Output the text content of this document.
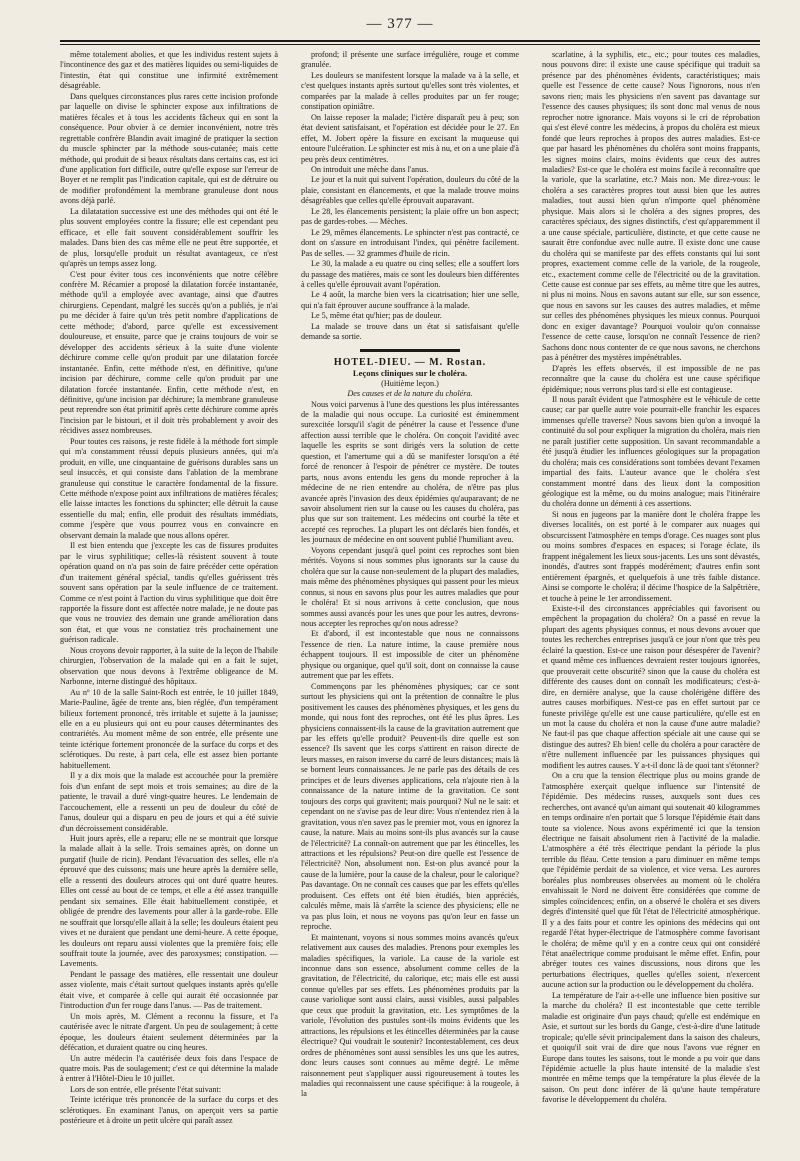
— 377 —

même totalement abolies, et que les individus restent sujets à l'incontinence des gaz et des matières liquides ou semi-liquides de l'intestin, état qui constitue une infirmité extrêmement désagréable.

Dans quelques circonstances plus rares cette incision profonde par laquelle on divise le sphincter expose aux infiltrations de matières fécales et à tous les accidents fâcheux qui en sont la conséquence. Pour obvier à ce dernier inconvénient, notre très regrettable confrère Blandin avait imaginé de pratiquer la section du muscle sphincter par la méthode sous-cutanée; mais cette méthode, qui produit de si beaux résultats dans certains cas, est ici d'une application fort difficile, outre qu'elle expose sur l'erreur de Boyer et ne remplit pas l'indication capitale, qui est de détruire ou de modifier profondément la membrane granuleuse dont nous avons déjà parlé.

La dilatatation successive est une des méthodes qui ont été le plus souvent employées contre la fissure; elle est cependant peu efficace, et elle fait souvent considérablement souffrir les malades. Dans bien des cas même elle ne peut être supportée, et de plus, lorsqu'elle produit un résultat avantageux, ce n'est qu'après un temps assez long.

C'est pour éviter tous ces inconvénients que notre célèbre confrère M. Récamier a proposé la dilatation forcée instantanée, méthode qu'il a employée avec avantage, ainsi que d'autres chirurgiens. Cependant, malgré les succès qu'on a publiés, je n'ai pu me décider à faire qu'un très petit nombre d'applications de cette méthode; d'abord, parce qu'elle est excessivement douloureuse, et ensuite, parce que je crains toujours de voir se développer des accidents sérieux à la suite d'une violente déchirure comme celle qu'on produit par une dilatation forcée instantanée. Enfin, cette méthode n'est, en définitive, qu'une incision par déchirure, comme celle qu'on produit par une dilatation forcée instantanée. Enfin, cette méthode n'est, en définitive, qu'une incision par déchirure; la membrane granuleuse peut reprendre son état primitif après cette déchirure comme après l'incision par le bistouri, et il doit très probablement y avoir des récidives assez nombreuses.

Pour toutes ces raisons, je reste fidèle à la méthode fort simple qui m'a constamment réussi depuis plusieurs années, qui m'a produit, en ville, une cinquantaine de guérisons durables sans un seul insuccès, et qui consiste dans l'ablation de la membrane granuleuse qui constitue le caractère fondamental de la fissure. Cette méthode n'expose point aux infiltrations de matières fécales; elle laisse intactes les fonctions du sphincter; elle détruit la cause essentielle du mal; enfin, elle produit des résultats immédiats, comme j'espère que vous pourrez vous en convaincre en observant demain la malade que nous allons opérer.

Il est bien entendu que j'excepte les cas de fissures produites par le virus syphilitique; celles-là résistent souvent à toute opération quand on n'a pas soin de faire précéder cette opération d'un traitement général spécial, tandis qu'elles guérissent très souvent sans opération par la seule influence de ce traitement. Comme ce n'est point à l'action du virus syphilitique que doit être rapportée la fissure dont est affectée notre malade, je ne doute pas que vous ne trouviez des demain une grande amélioration dans son état, et que vous ne constatiez très prochainement une guérison radicale.

Nous croyons devoir rapporter, à la suite de la leçon de l'habile chirurgien, l'observation de la malade qui en a fait le sujet, observation que nous devons à l'extrême obligeance de M. Narbonne, interne distingué des hôpitaux.

Au nº 10 de la salle Saint-Roch est entrée, le 10 juillet 1849, Marie-Pauline, âgée de trente ans, bien réglée, d'un tempérament bilieux fortement prononcé, très irritable et sujette à la jaunisse; elle en a eu plusieurs qui ont eu pour causes déterminantes des contrariétés. Au moment même de son entrée, elle présente une teinte ictérique fortement prononcée de la surface du corps et des sclérotiques. Du reste, à part cela, elle est assez bien portante habituellement.

Il y a dix mois que la malade est accouchée pour la première fois d'un enfant de sept mois et trois semaines; au dire de la patiente, le travail a duré vingt-quatre heures. Le lendemain de l'accouchement, elle a ressenti un peu de douleur du côté de l'anus, douleur qui a disparu en peu de jours et qui a été suivie d'un décroissement considérable.

Huit jours après, elle a reparu; elle ne se montrait que lorsque la malade allait à la selle. Trois semaines après, on donne un purgatif (huile de ricin). Pendant l'évacuation des selles, elle n'a éprouvé que des cuissons; mais une heure après la dernière selle, elle a ressenti des douleurs atroces qui ont duré quatre heures. Elles ont cessé au bout de ce temps, et elle a été assez tranquille pendant six semaines. Elle était habituellement constipée, et obligée de prendre des lavements pour aller à la garde-robe. Elle ne souffrait que lorsqu'elle allait à la selle; les douleurs étaient peu vives et ne duraient que pendant une demi-heure. A cette époque, les douleurs ont reparu aussi violentes que la première fois; elle souffrait toute la journée, avec des paroxysmes; constipation. — Lavements.

Pendant le passage des matières, elle ressentait une douleur assez violente, mais c'était surtout quelques instants après qu'elle était vive, et comparée à celle qui aurait été occasionnée par l'introduction d'un fer rouge dans l'anus. — Pas de traitement.

Un mois après, M. Clément a reconnu la fissure, et l'a cautérisée avec le nitrate d'argent. Un peu de soulagement; à cette époque, les douleurs étaient seulement déterminées par la défécation, et duraient quatre ou cinq heures.

Un autre médecin l'a cautérisée deux fois dans l'espace de quatre mois. Pas de soulagement; c'est ce qui détermine la malade à entrer à l'Hôtel-Dieu le 10 juillet.

Lors de son entrée, elle présente l'état suivant:

Teinte ictérique très prononcée de la surface du corps et des sclérotiques. En examinant l'anus, on aperçoit vers sa partie postérieure et à droite un petit ulcère qui paraît assez

profond; il présente une surface irrégulière, rouge et comme granulée.

Les douleurs se manifestent lorsque la malade va à la selle, et c'est quelques instants après surtout qu'elles sont très violentes, et comparées par la malade à celles produites par un fer rouge; constipation opiniâtre.

On laisse reposer la malade; l'ictère disparaît peu à peu; son état devient satisfaisant, et l'opération est décidée pour le 27. En effet, M. Jobert opère la fissure en excisant la muqueuse qui entoure l'ulcération. Le sphincter est mis à nu, et on a une plaie d'à peu près deux centimètres.

On introduit une mèche dans l'anus.

Le jour et la nuit qui suivent l'opération, douleurs du côté de la plaie, consistant en élancements, et que la malade trouve moins désagréables que celles qu'elle éprouvait auparavant.

Le 28, les élancements persistent; la plaie offre un bon aspect; pas de gardes-robes. — Mèches.

Le 29, mêmes élancements. Le sphincter n'est pas contracté, ce dont on s'assure en introduisant l'index, qui pénètre facilement. Pas de selles. — 32 grammes d'huile de ricin.

Le 30, la malade a eu quatre ou cinq selles; elle a souffert lors du passage des matières, mais ce sont les douleurs bien différentes à celles qu'elle éprouvait avant l'opération.

Le 4 août, la marche bien vers la cicatrisation; hier une selle, qui n'a fait éprouver aucune souffrance à la malade.

Le 5, même état qu'hier; pas de douleur.

La malade se trouve dans un état si satisfaisant qu'elle demande sa sortie.

HOTEL-DIEU. — M. Rostan.

Leçons cliniques sur le choléra.

(Huitième leçon.)

Des causes et de la nature du choléra.

Nous voici parvenus à l'une des questions les plus intéressantes de la maladie qui nous occupe. La curiosité est éminemment surexcitée lorsqu'il s'agit de pénétrer la cause et l'essence d'une affection aussi terrible que le choléra. On conçoit l'avidité avec laquelle les esprits se sont dirigés vers la solution de cette question, et l'amertume qui a dû se manifester lorsqu'on a été forcé de renoncer à l'espoir de pénétrer ce mystère. De toutes parts, nous avons entendu les gens du monde reprocher à la médecine de ne rien entendre au choléra, de n'être pas plus avancée après l'invasion des deux épidémies qu'auparavant; de ne savoir absolument rien sur la cause ou les causes du choléra, pas plus que sur son traitement. Les médecins ont courbé la tête et accepté ces reproches. La plupart les ont déclarés bien fondés, et les journaux de médecine en ont souvent publié l'humiliant aveu.

Voyons cependant jusqu'à quel point ces reproches sont bien mérités. Voyons si nous sommes plus ignorants sur la cause du choléra que sur la cause non-seulement de la plupart des maladies, mais même des phénomènes physiques qui passent pour les mieux connus, si nous en savons plus pour les autres maladies que pour le choléra! Et si nous arrivons à cette conclusion, que nous sommes aussi avancés pour les unes que pour les autres, devrons-nous accepter les reproches qu'on nous adresse?

Et d'abord, il est incontestable que nous ne connaissons l'essence de rien. La nature intime, la cause première nous échappent toujours. Il est impossible de citer un phénomène physique ou organique, quel qu'il soit, dont on connaisse la cause autrement que par les effets.

Commençons par les phénomènes physiques; car ce sont surtout les physiciens qui ont la prétention de connaître le plus positivement les causes des phénomènes physiques, et les gens du monde, qui nous font des reproches, ont été les plus âpres. Les physiciens connaissent-ils la cause de la gravitation autrement que par les effets qu'elle produit? Peuvent-ils dire quelle est son essence? Ils savent que les corps s'attirent en raison directe de leurs masses, en raison inverse du carré de leurs distances; mais là se bornent leurs connaissances. Je ne parle pas des détails de ces principes et de leurs diverses applications, cela n'ajoute rien à la connaissance de la nature intime de la gravitation. Ce sont toujours des corps qui gravitent; mais pourquoi? Nul ne le sait: et cependant on ne s'avise pas de leur dire: Vous n'entendez rien à la gravitation, vous n'en savez pas le premier mot, vous en ignorez la cause, la nature. Mais au moins sont-ils plus avancés sur la cause de l'électricité? La connaît-on autrement que par les étincelles, les attractions et les répulsions? Peut-on dire quelle est l'essence de l'électricité? Non, absolument non. Est-on plus avancé pour la cause de la lumière, pour la cause de la chaleur, pour le calorique? Pas davantage. On ne connaît ces causes que par les effets qu'elles produisent. Ces effets ont été bien étudiés, bien appréciés, calculés même, mais là s'arrête la science des physiciens; elle ne va pas plus loin, et nous ne voyons pas qu'on leur en fasse un reproche.

Et maintenant, voyons si nous sommes moins avancés qu'eux relativement aux causes des maladies. Prenons pour exemples les maladies spécifiques, la variole. La cause de la variole est inconnue dans son essence, absolument comme celles de la gravitation, de l'électricité, du calorique, etc; mais elle est aussi connue qu'elles par ses effets. Les phénomènes produits par la cause variolique sont aussi clairs, aussi visibles, aussi palpables que ceux que produit la gravitation, etc. Les symptômes de la variole, l'évolution des pustules sont-ils moins évidents que les attractions, les répulsions et les étincelles déterminées par la cause électrique? Qui voudrait le soutenir? Incontestablement, ces deux ordres de phénomènes sont aussi sensibles les uns que les autres, donc leurs causes sont connues au même degré. Le même raisonnement peut s'appliquer aussi rigoureusement à toutes les maladies qui reconnaissent une cause spécifique: à la rougeole, à la

scarlatine, à la syphilis, etc., etc.; pour toutes ces maladies, nous pouvons dire: il existe une cause spécifique qui traduit sa présence par des phénomènes évidents, caractéristiques; mais quelle est l'essence de cette cause? Nous l'ignorons, nous n'en savons rien; mais les physiciens n'en savent pas davantage sur l'essence des causes physiques; ils sont donc mal venus de nous reprocher notre ignorance. Mais voyons si le cri de réprobation qui s'est élevé contre les médecins, à propos du choléra est mieux fondé que leurs reproches à propos des autres maladies. Est-ce que par hasard les phénomènes du choléra sont moins frappants, les signes moins clairs, moins évidents que ceux des autres maladies? Est-ce que le choléra est moins facile à reconnaître que la variole, que la scarlatine, etc.? Mais non. Me direz-vous: le choléra a ses caractères propres tout aussi bien que les autres maladies, tout aussi bien qu'un n'importe quel phénomène physique. Mais alors si le choléra a des signes propres, des caractères spéciaux, des signes distinctifs, c'est qu'apparemment il a une cause spéciale, particulière, distincte, et que cette cause ne saurait être confondue avec nulle autre. Il existe donc une cause du choléra qui se manifeste par des effets constants qui lui sont propres, exactement comme celle de la variole, de la rougeole, etc., exactement comme celle de l'électricité ou de la gravitation. Cette cause est connue par ses effets, au même titre que les autres, ni plus ni moins. Nous en savons autant sur elle, sur son essence, que nous en savons sur les causes des autres maladies, et même sur celles des phénomènes physiques les mieux connus. Pourquoi donc en exiger davantage? Pourquoi vouloir qu'on connaisse l'essence de cette cause, lorsqu'on ne connaît l'essence de rien? Sachons donc nous contenter de ce que nous savons, ne cherchons pas à pénétrer des mystères impénétrables.

D'après les effets observés, il est impossible de ne pas reconnaître que la cause du choléra est une cause spécifique épidémique; nous verrons plus tard si elle est contagieuse.

Il nous paraît évident que l'atmosphère est le véhicule de cette cause; car par quelle autre voie pourrait-elle franchir les espaces immenses qu'elle traverse? Nous savons bien qu'on a invoqué la continuité du sol pour expliquer la migration du choléra, mais rien ne paraît justifier cette supposition. Un savant recommandable a été jusqu'à étudier les influences géologiques sur la propagation du choléra; mais ces considérations sont tombées devant l'examen impartial des faits. L'auteur avance que le choléra s'est constamment montré dans des lieux dont la composition géologique est la même, ou du moins analogue; mais l'itinéraire du choléra donne un démenti à ces assertions.

Si nous en jugeons par la manière dont le choléra frappe les diverses localités, on est porté à le comparer aux nuages qui obscurcissent l'atmosphère en temps d'orage. Ces nuages sont plus ou moins sombres d'espaces en espaces; si l'orage éclate, ils frappent inégalement les lieux sous-jacents. Les uns sont dévastés, inondés, d'autres sont frappés modérément; d'autres enfin sont entièrement épargnés, et quelquefois à une très faible distance. Ainsi se comporte le choléra; il décime l'hospice de la Salpêtrière, et touche à peine le 1er arrondissement.

Existe-t-il des circonstances appréciables qui favorisent ou empêchent la propagation du choléra? On a passé en revue la plupart des agents physiques connus, et nous devons avouer que toutes les recherches entreprises jusqu'à ce jour n'ont que très peu éclairé la question. Est-ce une raison pour désespérer de l'avenir? et quand même ces influences devraient rester toujours ignorées, que prouverait cette obscurité? sinon que la cause du choléra est différente des causes dont on connaît les modificateurs; c'est-à-dire, en dernière analyse, que la cause cholérigène diffère des autres causes morbifiques. N'est-ce pas en effet surtout par ce funeste privilège qu'elle est une cause particulière, qu'elle est en un mot la cause du choléra et non la cause d'une autre maladie? Ne faut-il pas que chaque affection spéciale ait une cause qui se distingue des autres? Eh bien! celle du choléra a pour caractère de n'être nullement influencée par les puissances physiques qui modifient les autres causes. Y a-t-il donc là de quoi tant s'étonner?

On a cru que la tension électrique plus ou moins grande de l'atmosphère exerçait quelque influence sur l'intensité de l'épidémie. Des médecins russes, auxquels sont dues ces recherches, ont avancé qu'un aimant qui soutenait 40 kilogrammes en temps ordinaire n'en portait que 5 lorsque l'épidémie était dans toute sa violence. Nous avons expérimenté ici que la tension électrique ne faisait absolument rien à l'activité de la maladie. L'atmosphère a été très électrique pendant la période la plus terrible du fléau. Cette tension a paru diminuer en même temps que l'épidémie perdait de sa violence, et vice versa. Les aurores boréales plus nombreuses observées au moment où le choléra envahissait le Nord ne doivent être considérées que comme de simples coïncidences; enfin, on a observé le choléra et ses divers degrés d'intensité quel que fût l'état de l'électricité atmosphérique. Il y a des faits pour et contre les opinions des médecins qui ont regardé l'état hyper-électrique de l'atmosphère comme favorisant le choléra; de même qu'il y en a contre ceux qui ont considéré l'état anaélectrique comme produisant le même effet. Enfin, pour abréger toutes ces vaines discussions, nous dirons que les perturbations électriques, quelles qu'elles soient, n'exercent aucune action sur la production ou le développement du choléra.

La température de l'air a-t-elle une influence bien positive sur la marche du choléra? Il est incontestable que cette terrible maladie est originaire d'un pays chaud; qu'elle est endémique en Asie, et surtout sur les bords du Gange, c'est-à-dire d'une latitude tropicale; qu'elle sévit principalement dans la saison des chaleurs, et quoiqu'il soit vrai de dire que nous l'avons vue régner en Europe dans toutes les saisons, tout le monde a pu voir que dans l'épidémie actuelle la plus haute intensité de la maladie s'est montrée en même temps que la température la plus élevée de la saison. On peut donc inférer de là qu'une haute température favorise le développement du choléra.
